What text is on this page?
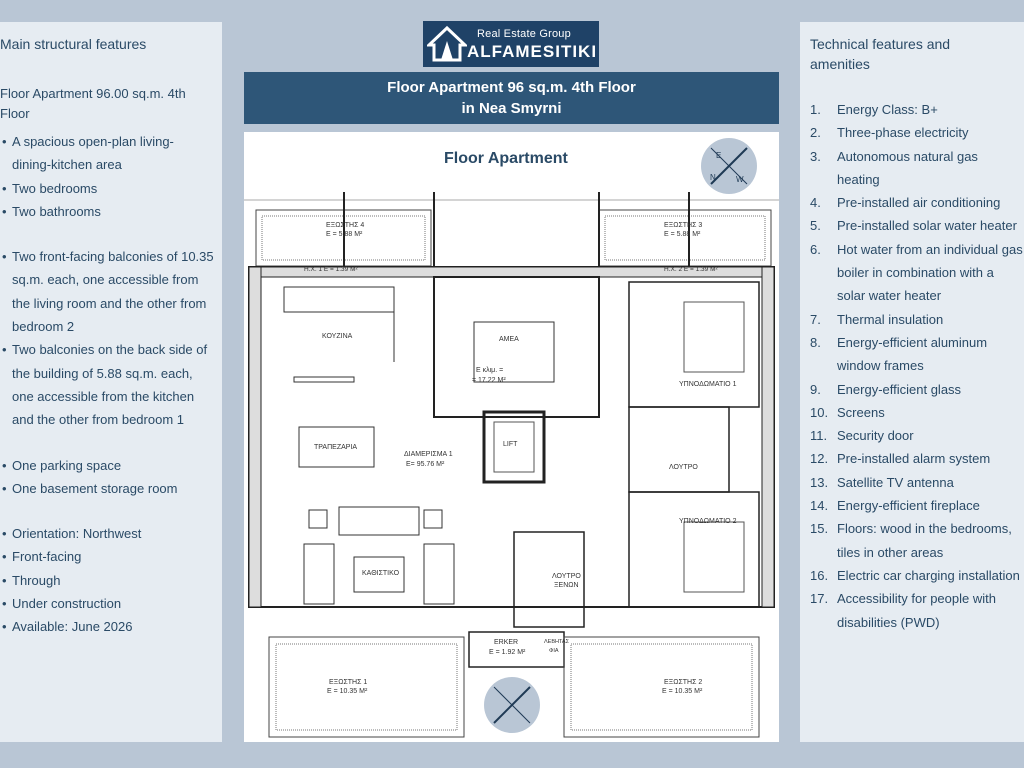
Main structural features
Floor Apartment 96.00 sq.m. 4th Floor
• A spacious open-plan living-dining-kitchen area
• Two bedrooms
• Two bathrooms
• Two front-facing balconies of 10.35 sq.m. each, one accessible from the living room and the other from bedroom 2
• Two balconies on the back side of the building of 5.88 sq.m. each, one accessible from the kitchen and the other from bedroom 1
• One parking space
• One basement storage room
• Orientation: Northwest
• Front-facing
• Through
• Under construction
• Available: June 2026
Real Estate Group
ALFAMESITIKI
Floor Apartment 96 sq.m. 4th Floor
in Nea Smyrni
E
W
N
Floor Apartment
ΕΞΩΣΤΗΣ 4
E = 5.88 M²
ΕΞΩΣΤΗΣ 3
E = 5.88 M²
Η.Χ. 1 E = 1.39 M²	Η.Χ. 2 E = 1.39 M²
ΚΟΥΖΙΝΑ	ΑΜΕΑ
E κλιμ. =
= 17.22 M²
ΥΠΝΟΔΩΜΑΤΙΟ 1
ΤΡΑΠΕΖΑΡΙΑ
ΔΙΑΜΕΡΙΣΜΑ 1
E= 95.76 M²
LIFT
ΛΟΥΤΡΟ
ΥΠΝΟΔΩΜΑΤΙΟ 2
ΚΑΘΙΣΤΙΚΟ	ΛΟΥΤΡΟ
ΞΕΝΩΝ
ERKER
E = 1.92 M²
ΛΕΒΗΤΑΣ
ΦΙΑ
ΕΞΩΣΤΗΣ 1
E = 10.35 M²
ΕΞΩΣΤΗΣ 2
E = 10.35 M²
Technical features and amenities
1.	Energy Class: B+
2.	Three-phase electricity
3.	Autonomous natural gas heating
4.	Pre-installed air conditioning
5.	Pre-installed solar water heater
6.	Hot water from an individual gas boiler in combination with a solar water heater
7.	Thermal insulation
8.	Energy-efficient aluminum window frames
9.	Energy-efficient glass
10. Screens
11. Security door
12. Pre-installed alarm system
13. Satellite TV antenna
14. Energy-efficient fireplace
15. Floors: wood in the bedrooms, tiles in other areas
16. Electric car charging installation
17. Accessibility for people with disabilities (PWD)
